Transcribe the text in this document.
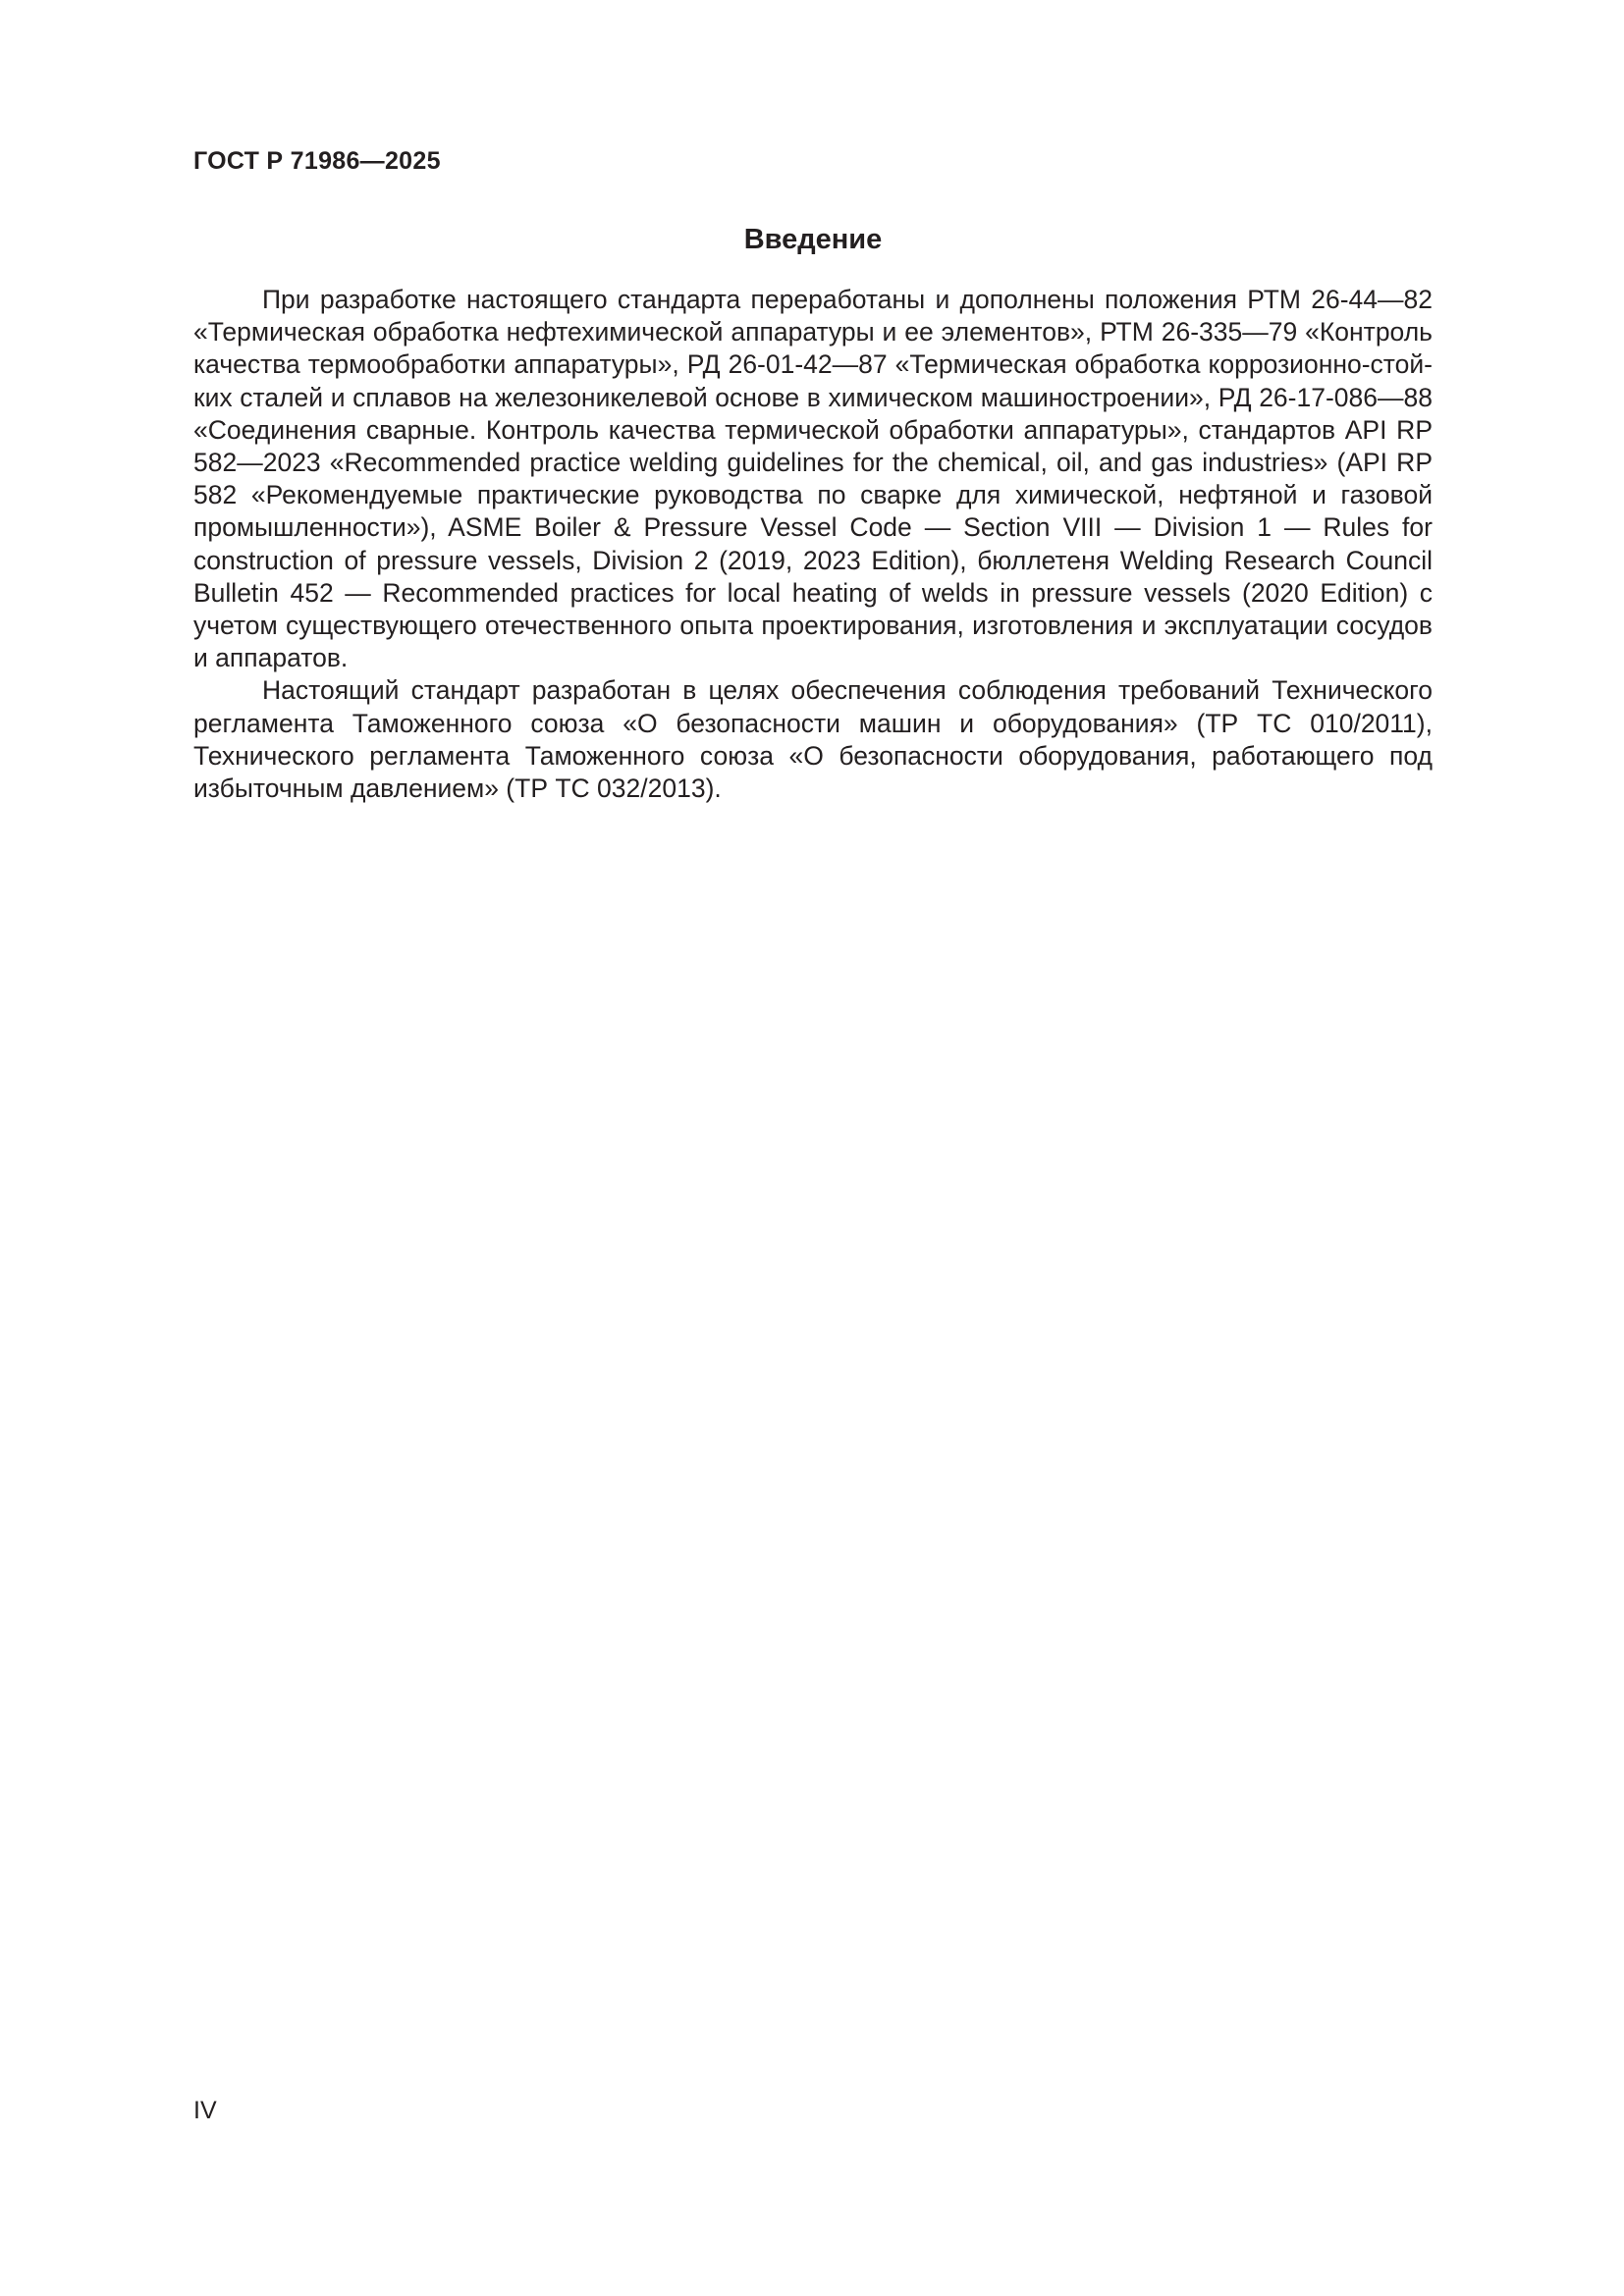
ГОСТ Р 71986—2025
Введение

При разработке настоящего стандарта переработаны и дополнены положения РТМ 26-44—82 «Термическая обработка нефтехимической аппаратуры и ее элементов», РТМ 26-335—79 «Контроль качества термообработки аппаратуры», РД 26-01-42—87 «Термическая обработка коррозионно-стойких сталей и сплавов на железоникелевой основе в химическом машиностроении», РД 26-17-086—88 «Соединения сварные. Контроль качества термической обработки аппаратуры», стандартов API RP 582—2023 «Recommended practice welding guidelines for the chemical, oil, and gas industries» (API RP 582 «Рекомендуемые практические руководства по сварке для химической, нефтяной и газовой промышленности»), ASME Boiler & Pressure Vessel Code — Section VIII — Division 1 — Rules for construction of pressure vessels, Division 2 (2019, 2023 Edition), бюллетеня Welding Research Council Bulletin 452 — Recommended practices for local heating of welds in pressure vessels (2020 Edition) с учетом существующего отечественного опыта проектирования, изготовления и эксплуатации сосудов и аппаратов.

Настоящий стандарт разработан в целях обеспечения соблюдения требований Технического регламента Таможенного союза «О безопасности машин и оборудования» (ТР ТС 010/2011), Технического регламента Таможенного союза «О безопасности оборудования, работающего под избыточным давлением» (ТР ТС 032/2013).

IV
